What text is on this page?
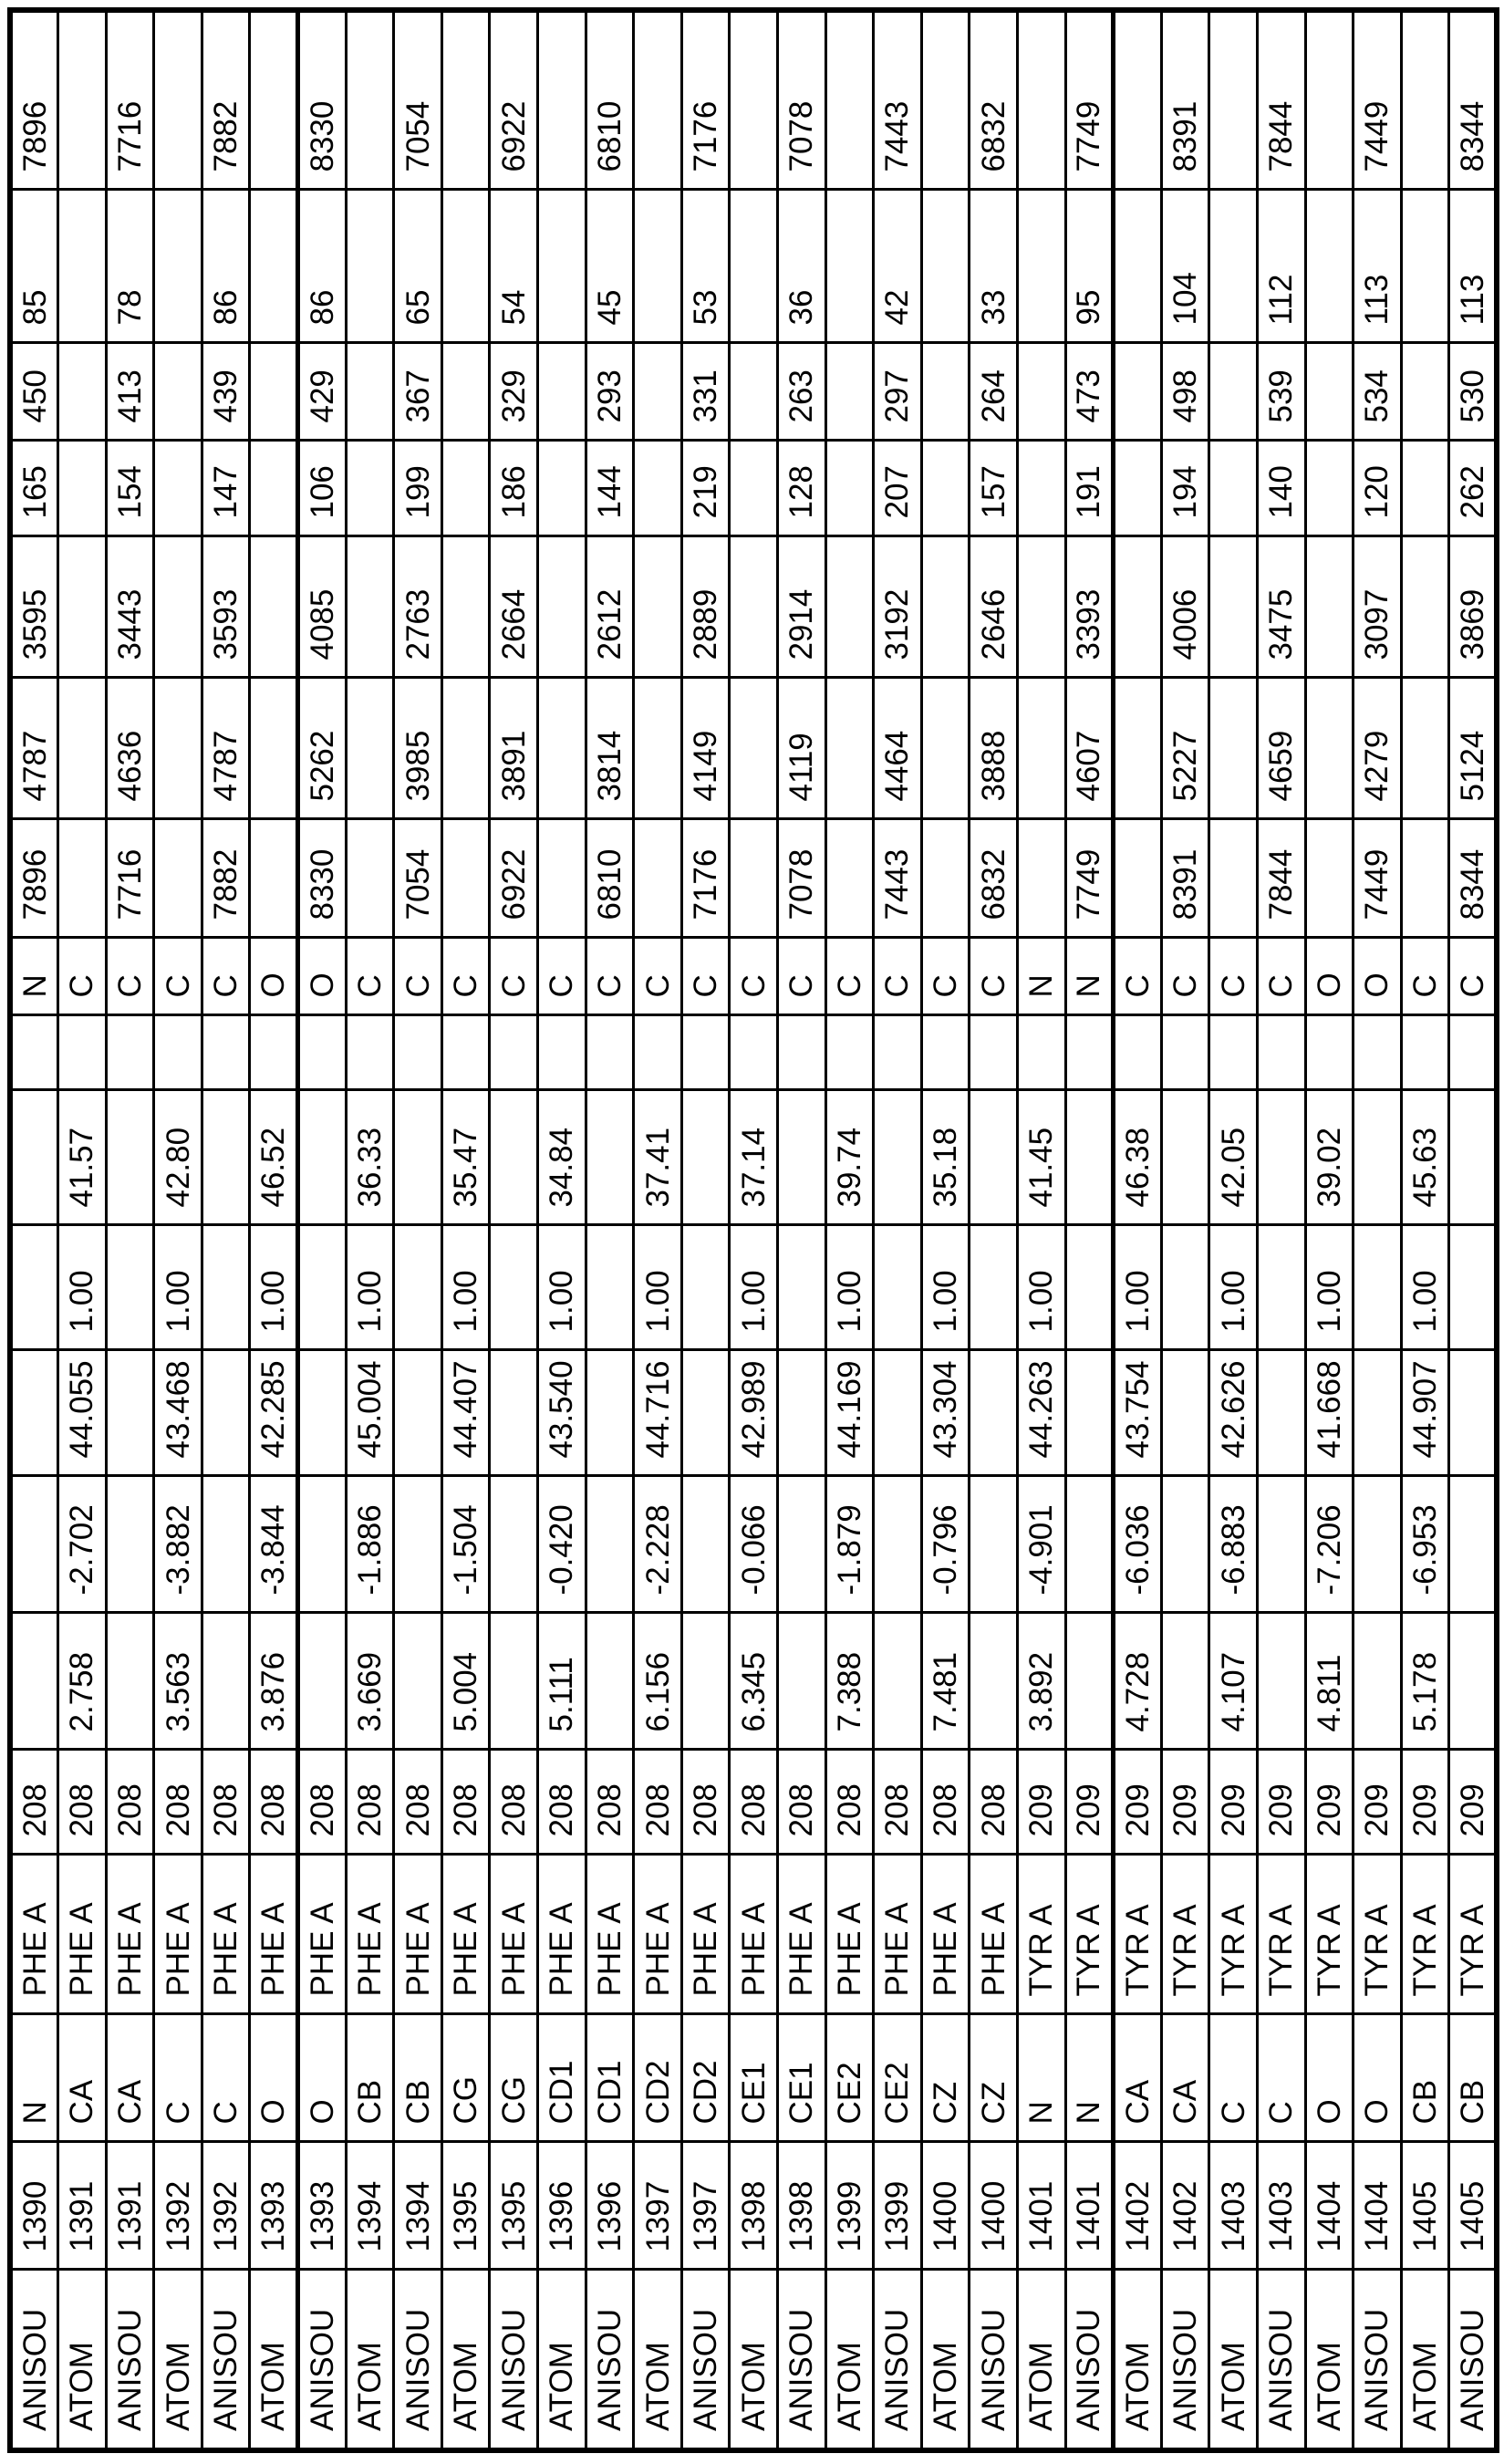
ANISOU	1390	N	PHE A	208							N	7896	4787	3595	165	450	85	7896
ATOM	1391	CA	PHE A	208	2.758	-2.702	44.055	1.00	41.57		C							
ANISOU	1391	CA	PHE A	208							C	7716	4636	3443	154	413	78	7716
ATOM	1392	C	PHE A	208	3.563	-3.882	43.468	1.00	42.80		C							
ANISOU	1392	C	PHE A	208							C	7882	4787	3593	147	439	86	7882
ATOM	1393	O	PHE A	208	3.876	-3.844	42.285	1.00	46.52		O							
ANISOU	1393	O	PHE A	208							O	8330	5262	4085	106	429	86	8330
ATOM	1394	CB	PHE A	208	3.669	-1.886	45.004	1.00	36.33		C							
ANISOU	1394	CB	PHE A	208							C	7054	3985	2763	199	367	65	7054
ATOM	1395	CG	PHE A	208	5.004	-1.504	44.407	1.00	35.47		C							
ANISOU	1395	CG	PHE A	208							C	6922	3891	2664	186	329	54	6922
ATOM	1396	CD1	PHE A	208	5.111	-0.420	43.540	1.00	34.84		C							
ANISOU	1396	CD1	PHE A	208							C	6810	3814	2612	144	293	45	6810
ATOM	1397	CD2	PHE A	208	6.156	-2.228	44.716	1.00	37.41		C							
ANISOU	1397	CD2	PHE A	208							C	7176	4149	2889	219	331	53	7176
ATOM	1398	CE1	PHE A	208	6.345	-0.066	42.989	1.00	37.14		C							
ANISOU	1398	CE1	PHE A	208							C	7078	4119	2914	128	263	36	7078
ATOM	1399	CE2	PHE A	208	7.388	-1.879	44.169	1.00	39.74		C							
ANISOU	1399	CE2	PHE A	208							C	7443	4464	3192	207	297	42	7443
ATOM	1400	CZ	PHE A	208	7.481	-0.796	43.304	1.00	35.18		C							
ANISOU	1400	CZ	PHE A	208							C	6832	3888	2646	157	264	33	6832
ATOM	1401	N	TYR A	209	3.892	-4.901	44.263	1.00	41.45		N							
ANISOU	1401	N	TYR A	209							N	7749	4607	3393	191	473	95	7749
ATOM	1402	CA	TYR A	209	4.728	-6.036	43.754	1.00	46.38		C							
ANISOU	1402	CA	TYR A	209							C	8391	5227	4006	194	498	104	8391
ATOM	1403	C	TYR A	209	4.107	-6.883	42.626	1.00	42.05		C							
ANISOU	1403	C	TYR A	209							C	7844	4659	3475	140	539	112	7844
ATOM	1404	O	TYR A	209	4.811	-7.206	41.668	1.00	39.02		O							
ANISOU	1404	O	TYR A	209							O	7449	4279	3097	120	534	113	7449
ATOM	1405	CB	TYR A	209	5.178	-6.953	44.907	1.00	45.63		C							
ANISOU	1405	CB	TYR A	209							C	8344	5124	3869	262	530	113	8344
